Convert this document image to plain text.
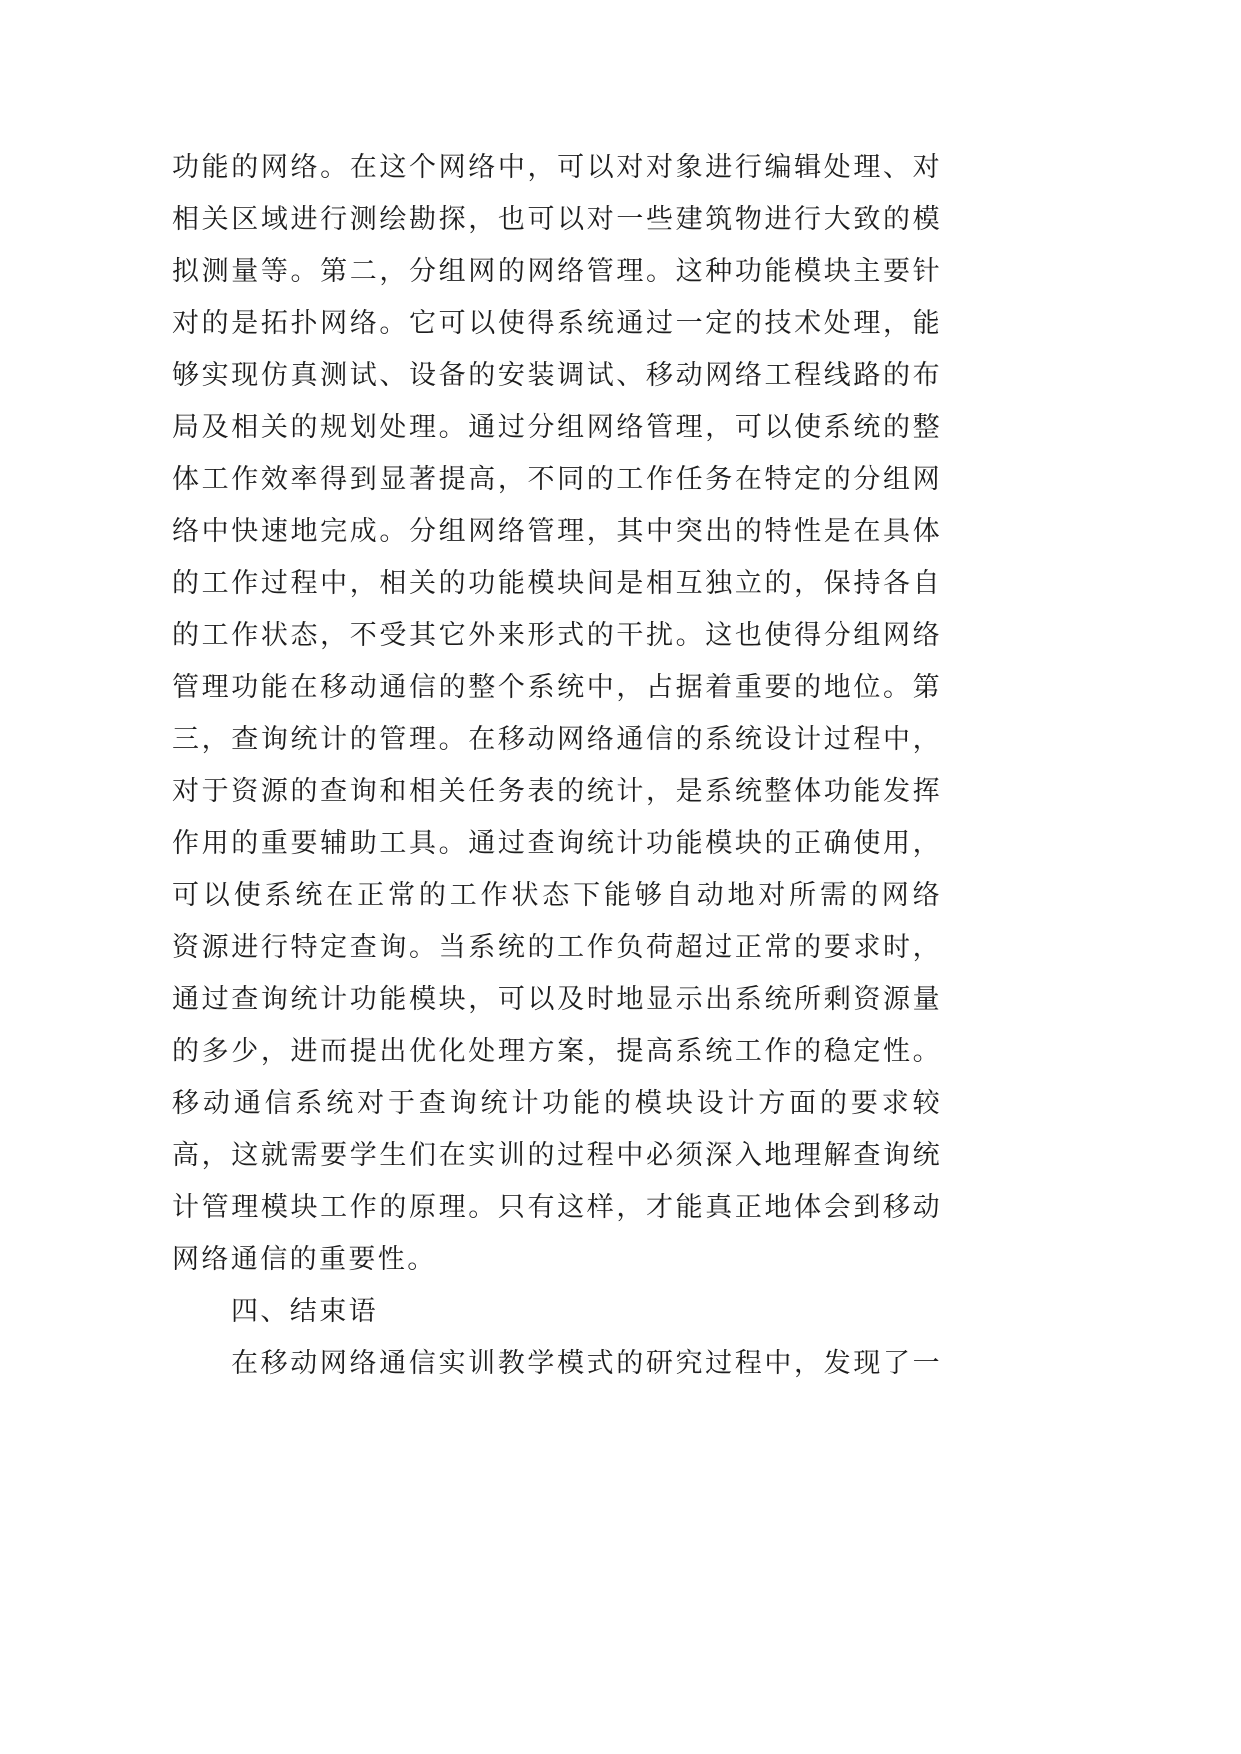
功能的网络。在这个网络中，可以对对象进行编辑处理、对
相关区域进行测绘勘探，也可以对一些建筑物进行大致的模
拟测量等。第二，分组网的网络管理。这种功能模块主要针
对的是拓扑网络。它可以使得系统通过一定的技术处理，能
够实现仿真测试、设备的安装调试、移动网络工程线路的布
局及相关的规划处理。通过分组网络管理，可以使系统的整
体工作效率得到显著提高，不同的工作任务在特定的分组网
络中快速地完成。分组网络管理，其中突出的特性是在具体
的工作过程中，相关的功能模块间是相互独立的，保持各自
的工作状态，不受其它外来形式的干扰。这也使得分组网络
管理功能在移动通信的整个系统中，占据着重要的地位。第
三，查询统计的管理。在移动网络通信的系统设计过程中，
对于资源的查询和相关任务表的统计，是系统整体功能发挥
作用的重要辅助工具。通过查询统计功能模块的正确使用，
可以使系统在正常的工作状态下能够自动地对所需的网络
资源进行特定查询。当系统的工作负荷超过正常的要求时，
通过查询统计功能模块，可以及时地显示出系统所剩资源量
的多少，进而提出优化处理方案，提高系统工作的稳定性。
移动通信系统对于查询统计功能的模块设计方面的要求较
高，这就需要学生们在实训的过程中必须深入地理解查询统
计管理模块工作的原理。只有这样，才能真正地体会到移动
网络通信的重要性。
四、结束语
在移动网络通信实训教学模式的研究过程中，发现了一
